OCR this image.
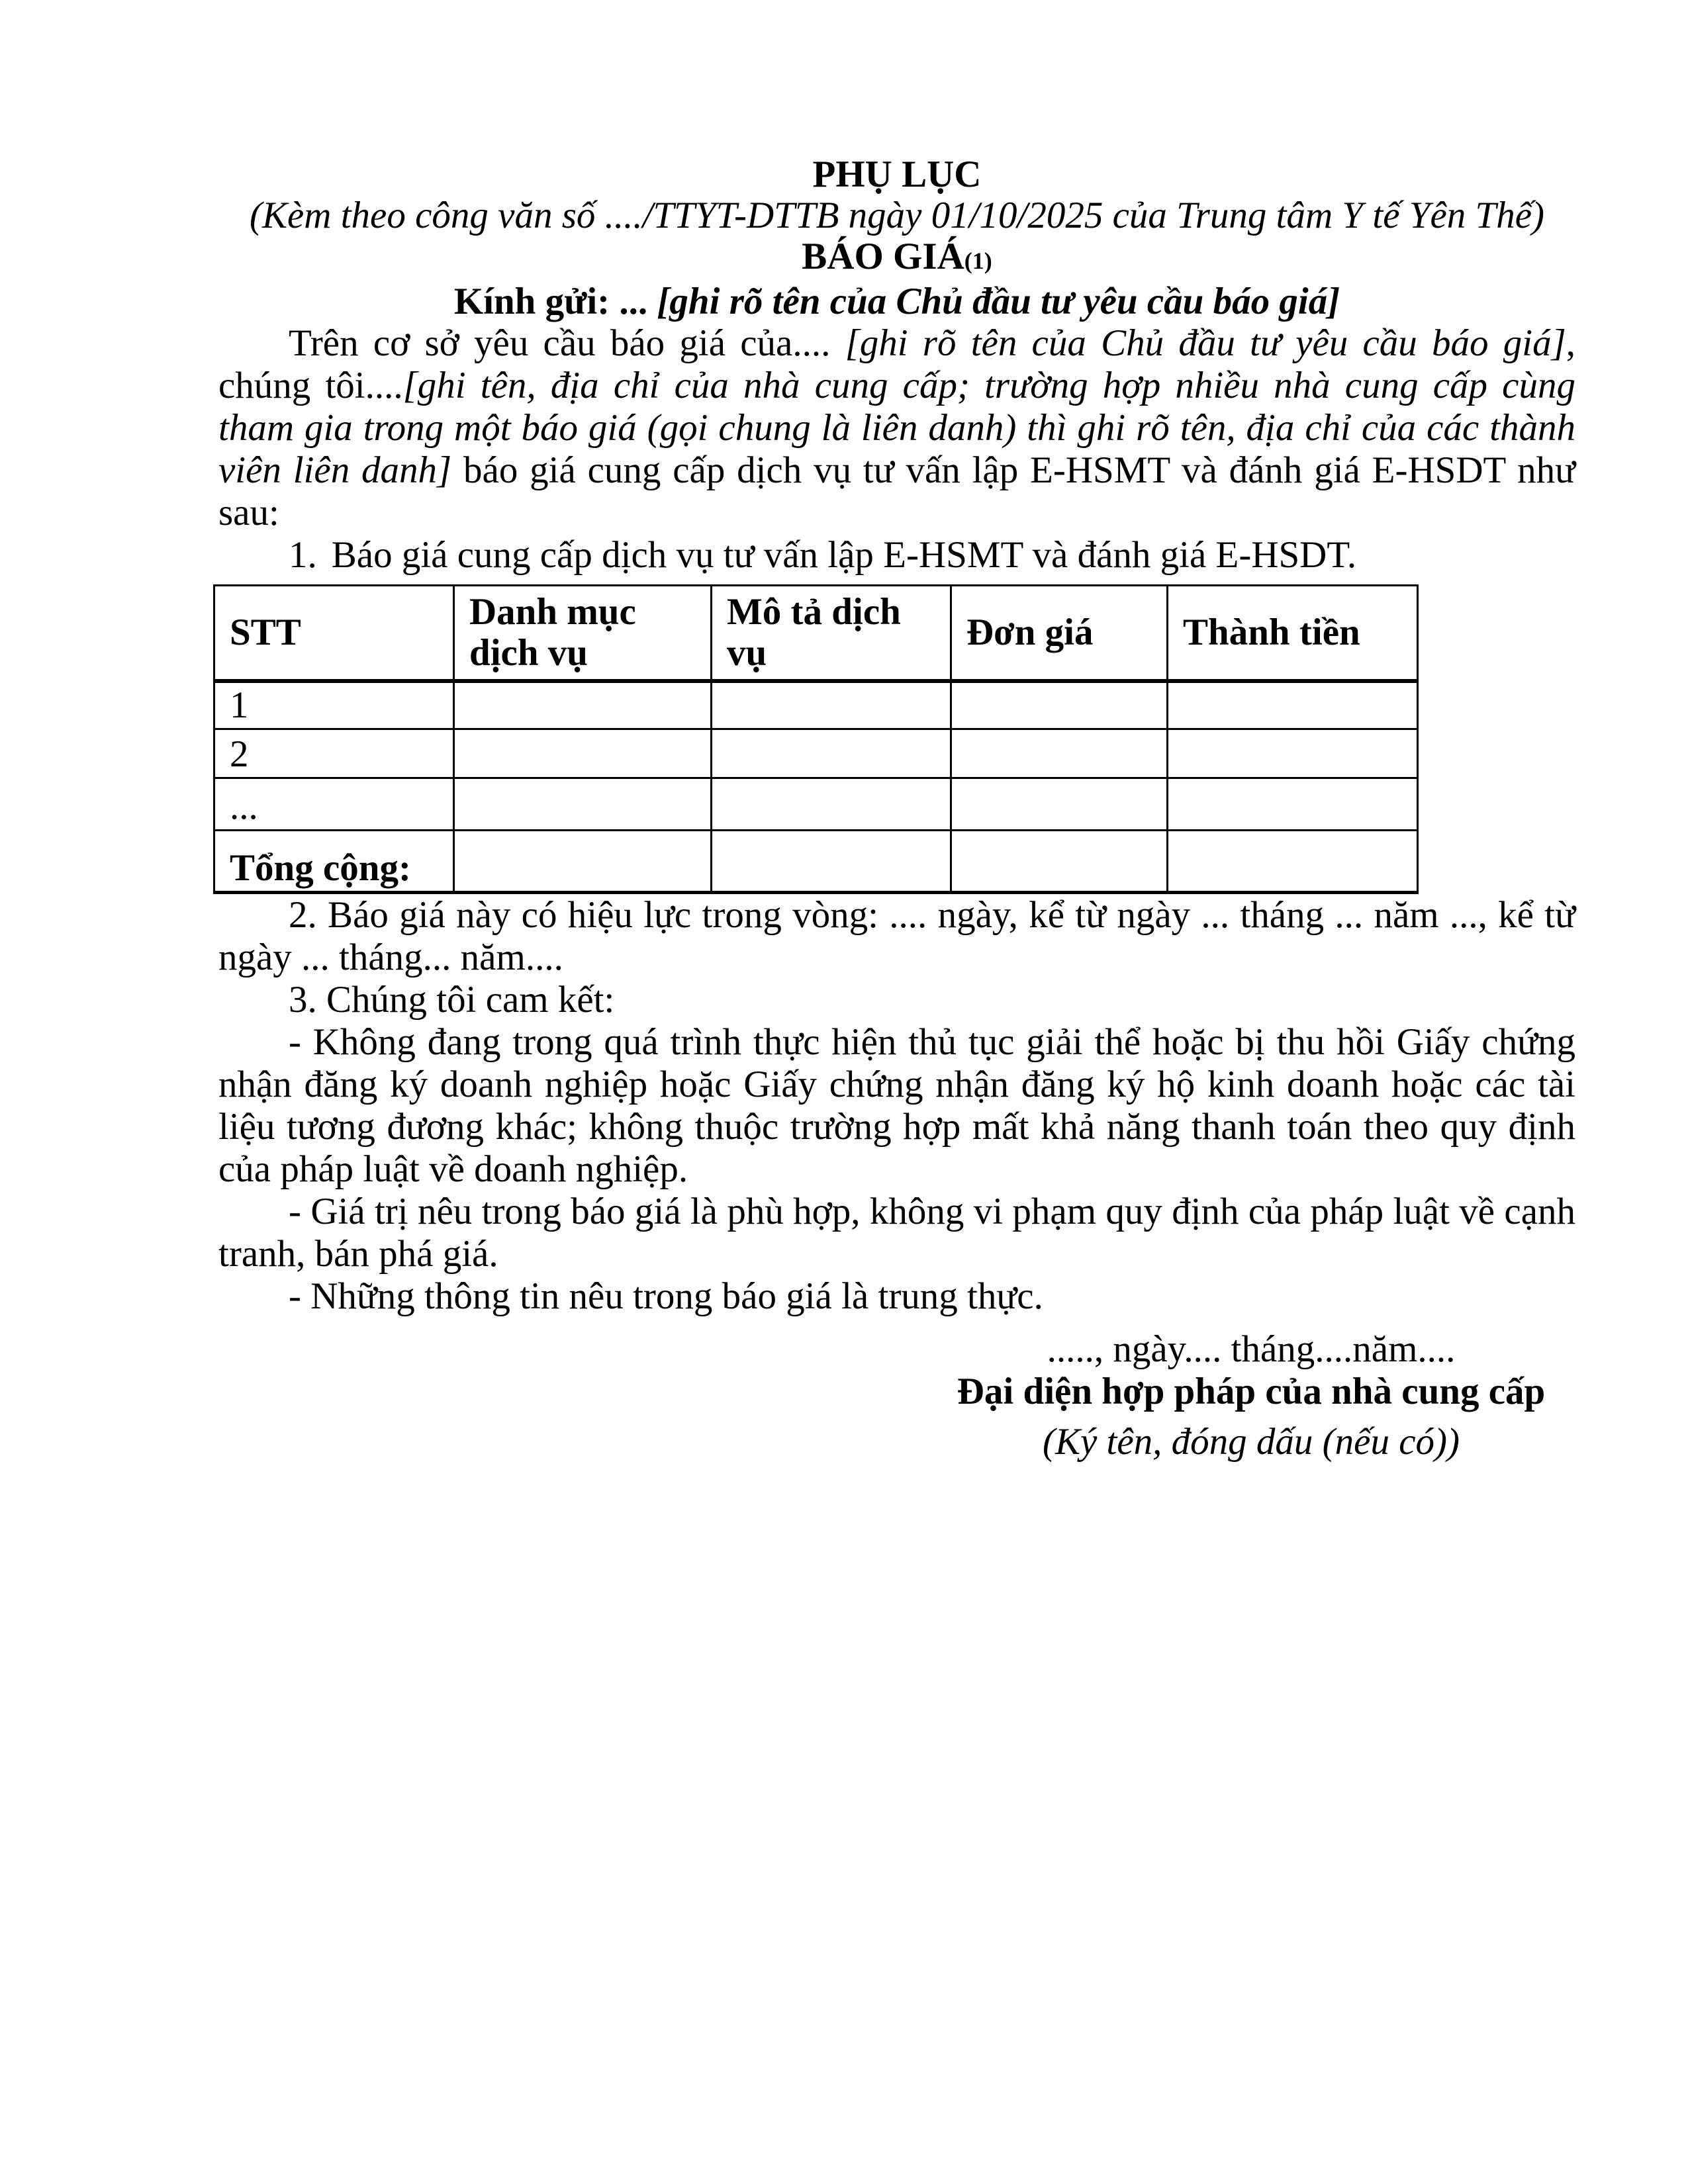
PHỤ LỤC
(Kèm theo công văn số ..../TTYT-DTTB ngày 01/10/2025 của Trung tâm Y tế Yên Thế)
BÁO GIÁ(1)
Kính gửi: ... [ghi rõ tên của Chủ đầu tư yêu cầu báo giá]

Trên cơ sở yêu cầu báo giá của.... [ghi rõ tên của Chủ đầu tư yêu cầu báo giá], chúng tôi....[ghi tên, địa chỉ của nhà cung cấp; trường hợp nhiều nhà cung cấp cùng tham gia trong một báo giá (gọi chung là liên danh) thì ghi rõ tên, địa chỉ của các thành viên liên danh] báo giá cung cấp dịch vụ tư vấn lập E-HSMT và đánh giá E-HSDT như sau:

1. Báo giá cung cấp dịch vụ tư vấn lập E-HSMT và đánh giá E-HSDT.
STT	Danh mục dịch vụ	Mô tả dịch vụ	Đơn giá	Thành tiền
1				
2				
...				
Tổng cộng:				

2. Báo giá này có hiệu lực trong vòng: .... ngày, kể từ ngày ... tháng ... năm ..., kể từ ngày ... tháng... năm....

3. Chúng tôi cam kết:

- Không đang trong quá trình thực hiện thủ tục giải thể hoặc bị thu hồi Giấy chứng nhận đăng ký doanh nghiệp hoặc Giấy chứng nhận đăng ký hộ kinh doanh hoặc các tài liệu tương đương khác; không thuộc trường hợp mất khả năng thanh toán theo quy định của pháp luật về doanh nghiệp.

- Giá trị nêu trong báo giá là phù hợp, không vi phạm quy định của pháp luật về cạnh tranh, bán phá giá.

- Những thông tin nêu trong báo giá là trung thực.
....., ngày.... tháng....năm....
Đại diện hợp pháp của nhà cung cấp
(Ký tên, đóng dấu (nếu có))
